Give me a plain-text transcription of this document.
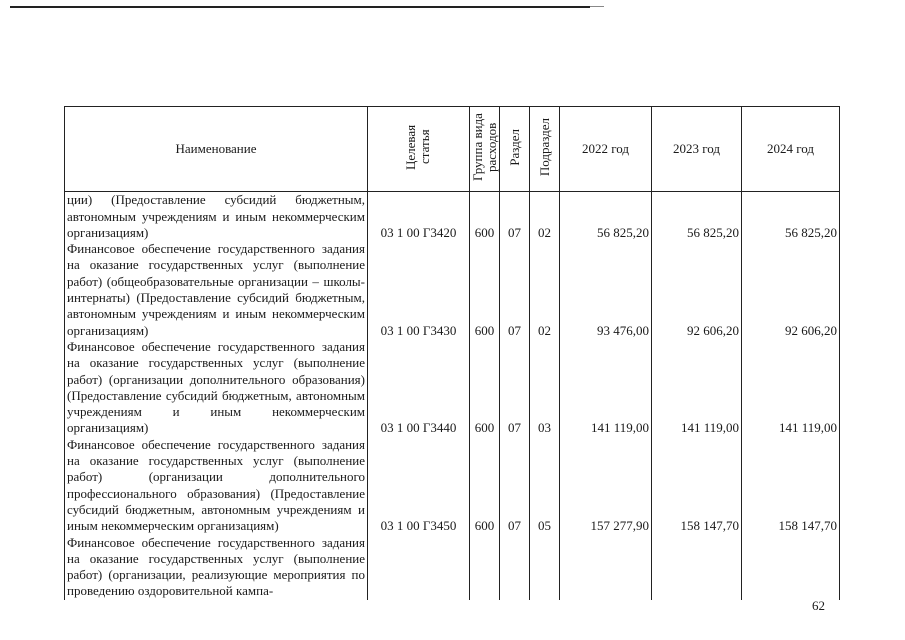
Наименование	Целевая статья	Группа вида расходов	Раздел	Подраздел	2022 год	2023 год	2024 год
ции) (Предоставление субсидий бюджетным, автономным учреждениям и иным некоммерческим организациям)	03 1 00 Г3420	600	07	02	56 825,20	56 825,20	56 825,20
Финансовое обеспечение государственного задания на оказание государственных услуг (выполнение работ) (общеобразовательные организации – школы-интернаты) (Предоставление субсидий бюджетным, автономным учреждениям и иным некоммерческим организациям)	03 1 00 Г3430	600	07	02	93 476,00	92 606,20	92 606,20
Финансовое обеспечение государственного задания на оказание государственных услуг (выполнение работ) (организации дополнительного образования) (Предоставление субсидий бюджетным, автономным учреждениям и иным некоммерческим организациям)	03 1 00 Г3440	600	07	03	141 119,00	141 119,00	141 119,00
Финансовое обеспечение государственного задания на оказание государственных услуг (выполнение работ) (организации дополнительного профессионального образования) (Предоставление субсидий бюджетным, автономным учреждениям и иным некоммерческим организациям)	03 1 00 Г3450	600	07	05	157 277,90	158 147,70	158 147,70
Финансовое обеспечение государственного задания на оказание государственных услуг (выполнение работ) (организации, реализующие мероприятия по проведению оздоровительной кампа-							
62
